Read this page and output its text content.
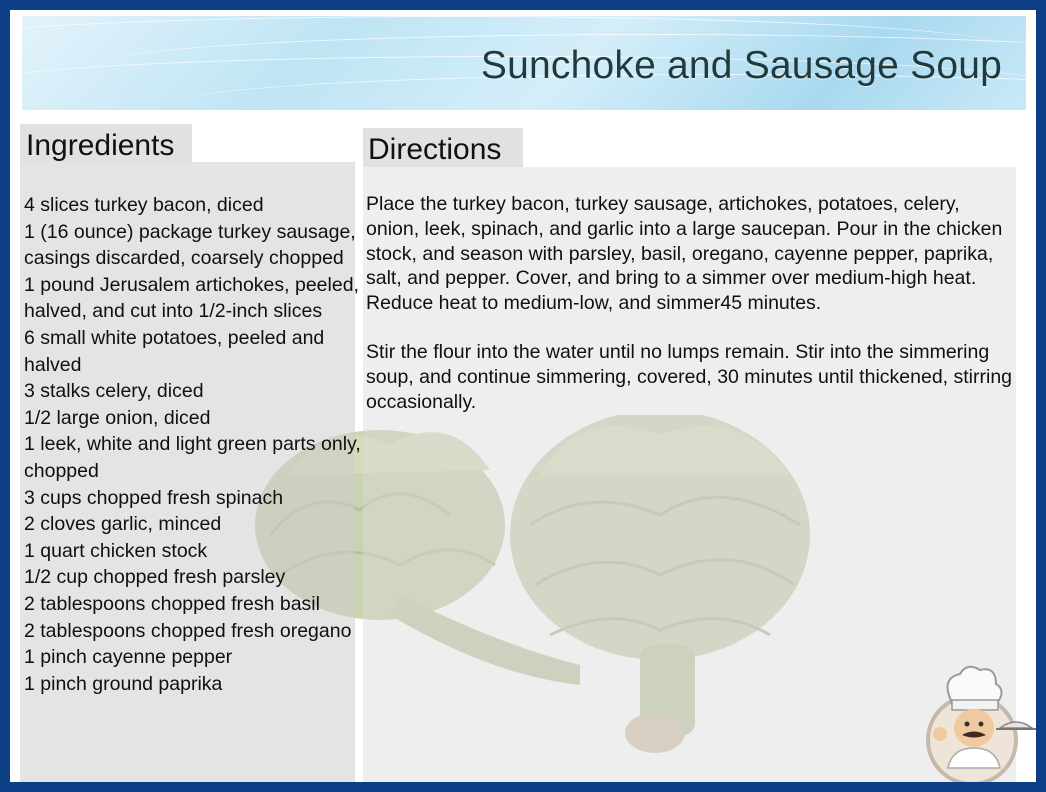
Sunchoke and Sausage Soup
Ingredients	Directions
4 slices turkey bacon, diced
1 (16 ounce) package turkey sausage, casings discarded, coarsely chopped
1 pound Jerusalem artichokes, peeled, halved, and cut into 1/2-inch slices
6 small white potatoes, peeled and halved
3 stalks celery, diced
1/2 large onion, diced
1 leek, white and light green parts only, chopped
3 cups chopped fresh spinach
2 cloves garlic, minced
1 quart chicken stock
1/2 cup chopped fresh parsley
2 tablespoons chopped fresh basil
2 tablespoons chopped fresh oregano
1 pinch cayenne pepper
1 pinch ground paprika

Place the turkey bacon, turkey sausage, artichokes, potatoes, celery, onion, leek, spinach, and garlic into a large saucepan. Pour in the chicken stock, and season with parsley, basil, oregano, cayenne pepper, paprika, salt, and pepper. Cover, and bring to a simmer over medium-high heat. Reduce heat to medium-low, and simmer45 minutes.

Stir the flour into the water until no lumps remain. Stir into the simmering soup, and continue simmering, covered, 30 minutes until thickened, stirring occasionally.
